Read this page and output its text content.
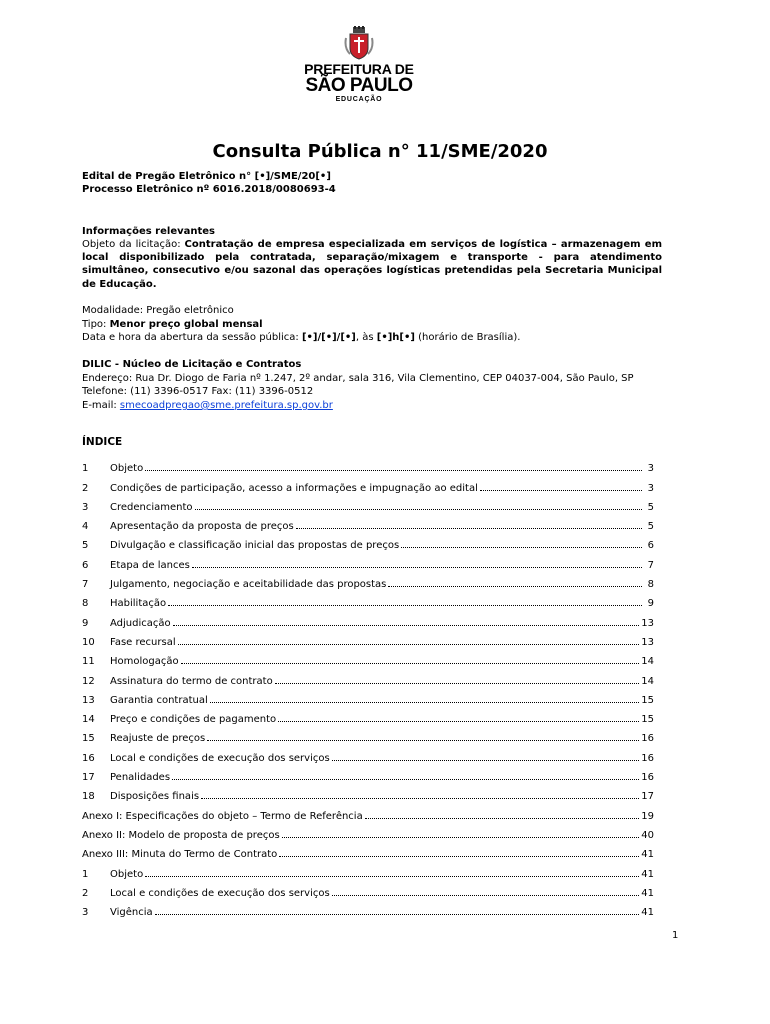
PREFEITURA DE
SÃO PAULO
EDUCAÇÃO
Consulta Pública n° 11/SME/2020
Edital de Pregão Eletrônico n° [•]/SME/20[•]
Processo Eletrônico nº 6016.2018/0080693-4
Informações relevantes
Objeto da licitação: Contratação de empresa especializada em serviços de logística – armazenagem em local disponibilizado pela contratada, separação/mixagem e transporte - para atendimento simultâneo, consecutivo e/ou sazonal das operações logísticas pretendidas pela Secretaria Municipal de Educação.
Modalidade: Pregão eletrônico
Tipo: Menor preço global mensal
Data e hora da abertura da sessão pública: [•]/[•]/[•], às [•]h[•] (horário de Brasília).
DILIC - Núcleo de Licitação e Contratos
Endereço: Rua Dr. Diogo de Faria nº 1.247, 2º andar, sala 316, Vila Clementino, CEP 04037-004, São Paulo, SP
Telefone: (11) 3396-0517 Fax: (11) 3396-0512
E-mail: smecoadpregao@sme.prefeitura.sp.gov.br
ÍNDICE
1	Objeto	3
2	Condições de participação, acesso a informações e impugnação ao edital	3
3	Credenciamento	5
4	Apresentação da proposta de preços	5
5	Divulgação e classificação inicial das propostas de preços	6
6	Etapa de lances	7
7	Julgamento, negociação e aceitabilidade das propostas	8
8	Habilitação	9
9	Adjudicação	13
10	Fase recursal	13
11	Homologação	14
12	Assinatura do termo de contrato	14
13	Garantia contratual	15
14	Preço e condições de pagamento	15
15	Reajuste de preços	16
16	Local e condições de execução dos serviços	16
17	Penalidades	16
18	Disposições finais	17
Anexo I: Especificações do objeto – Termo de Referência	19
Anexo II: Modelo de proposta de preços	40
Anexo III: Minuta do Termo de Contrato	41
1	Objeto	41
2	Local e condições de execução dos serviços	41
3	Vigência	41
1
